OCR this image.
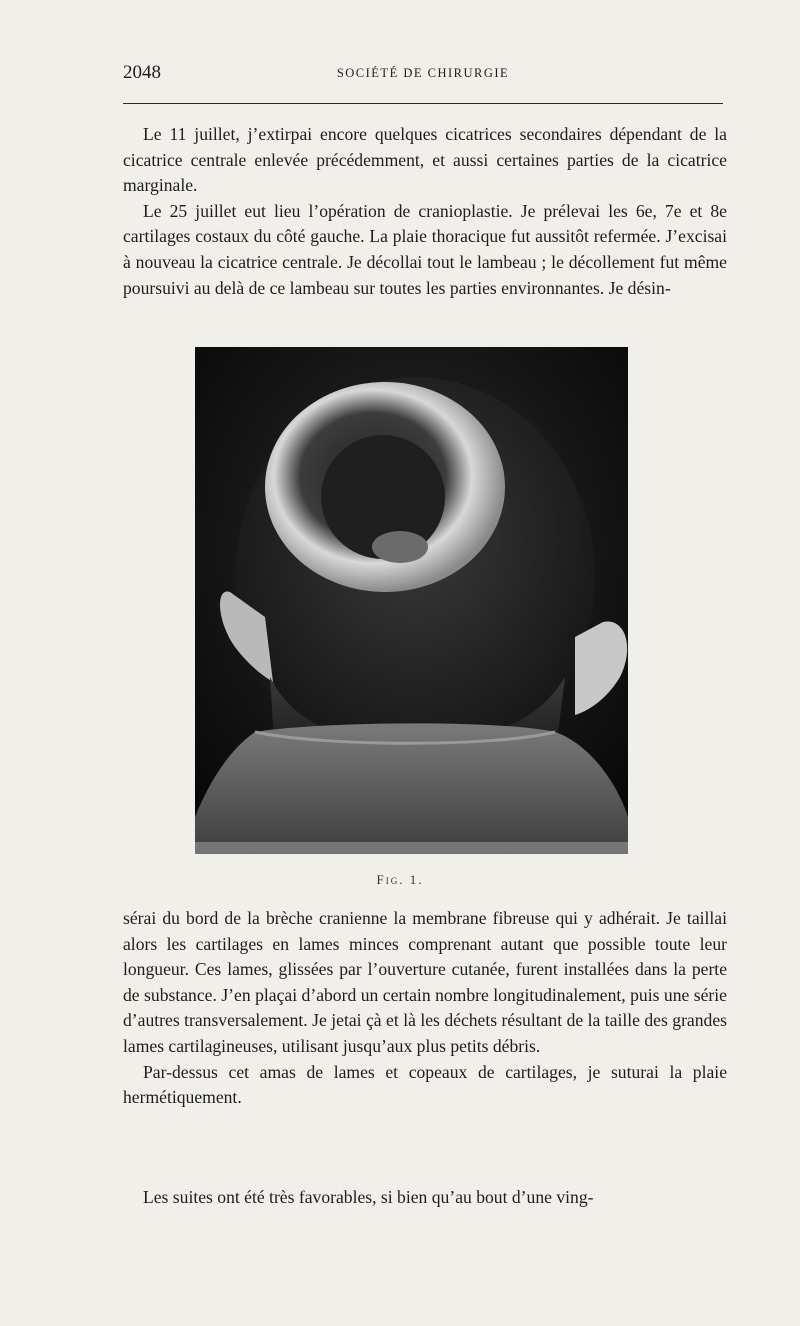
2048	SOCIÉTÉ DE CHIRURGIE

Le 11 juillet, j’extirpai encore quelques cicatrices secondaires dépendant de la cicatrice centrale enlevée précédemment, et aussi certaines parties de la cicatrice marginale.

Le 25 juillet eut lieu l’opération de cranioplastie. Je prélevai les 6e, 7e et 8e cartilages costaux du côté gauche. La plaie thoracique fut aussitôt refermée. J’excisai à nouveau la cicatrice centrale. Je décollai tout le lambeau ; le décollement fut même poursuivi au delà de ce lambeau sur toutes les parties environnantes. Je désin-

Fig. 1.

sérai du bord de la brèche cranienne la membrane fibreuse qui y adhérait. Je taillai alors les cartilages en lames minces comprenant autant que possible toute leur longueur. Ces lames, glissées par l’ouverture cutanée, furent installées dans la perte de substance. J’en plaçai d’abord un certain nombre longitudinalement, puis une série d’autres transversalement. Je jetai çà et là les déchets résultant de la taille des grandes lames cartilagineuses, utilisant jusqu’aux plus petits débris.

Par-dessus cet amas de lames et copeaux de cartilages, je suturai la plaie hermétiquement.

Les suites ont été très favorables, si bien qu’au bout d’une ving-
